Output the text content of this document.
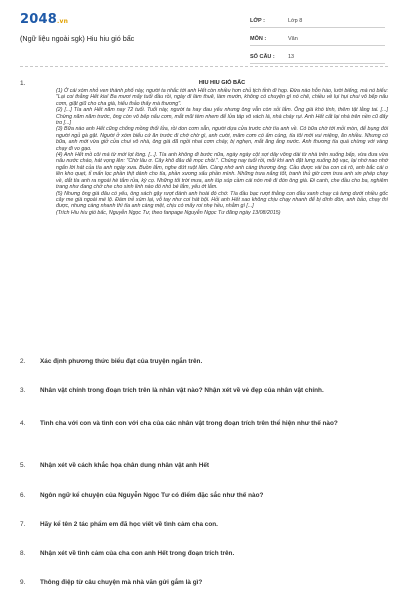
2048.vn
(Ngữ liệu ngoài sgk) Hiu hiu gió bấc
LỚP :	Lớp 8
MÔN :	Văn
SỐ CÂU :	13
1.	HIU HIU GIÓ BẤC

(1) Ở cái xóm nhỏ ven thành phố này, người ta nhắc tới anh Hết còn nhiều hơn chủ tịch tỉnh đi họp. Đừa nào hỗn hào, lười biếng, mà nó biểu: "Lại coi thằng Hết kia! Ba mươi mấy tuổi đầu rồi, ngày đi làm thuê, làm mướn, không có chuyện gì nó chê, chiều về lụi hụi chui vô bếp nấu cơm, giặt giũ cho cha già, hiếu thảo thấy mà thương".

(2) [...] Tía anh Hết năm nay 72 tuổi. Tuổi này, người ta hay đau yếu nhưng ông vẫn còn sỏi lắm. Ông già khó tính, thêm tật lằng tai. [...] Chừng năm năm trước, ông còn vô bếp nấu cơm, mắt mũi tèm nhem để lửa táp vô vách lá, nhà cháy rụi. Anh Hết cất lại nhà trên nền cũ đấy tro [...]

(3) Bữa nào anh Hết cũng chống mồng thổi lửa, rồi don cơm sẵn, người dựa cửa trước chờ tía anh về. Có bữa chờ tới mỏi mòn, để bụng đói người ngủ gà gật. Người ở xóm biểu cứ ăn trước đi chớ chờ gì, anh cười, mâm cơm có ấm cúng, tía tôi mới vui miệng, ăn nhiều. Nhưng có bữa, anh mới vừa giở cửa chui vô nhà, ông già đã ngồi nhai cơm cháy, bị nghẹn, mắt ăng ắng nước. Anh thương tía quá chừng với vàng chạy đi vo gạo.

(4) Anh Hết mồ côi má từ mới lọt lòng. [...]. Tía anh không đi bước nữa, ngày ngày cột sợi dây võng dài từ nhà trên xuống bếp, vừa đưa vừa nấu nước cháo, hát vọng lên: "Chờ lâu ơ. Cây khô đâu dễ mọc chồi.". Chúng nay tuổi rồi, mỗi khi anh đặt lưng xuống bộ vạc, lại nhớ nao nhớ ngẩn lời hát của tía anh ngày xưa. Buồn lắm, nghe đứt ruột lắm. Càng nhớ anh càng thương ông. Cầu được vài ba con cá rô, anh bắc cái o lên kho quẹt, tỉ mẩn lọc phần thịt dành cho tía, phần xương xấu phần mình. Những trưa nắng tốt, tranh thủ giờ cơm trưa anh xin phép chạy về, dắt tía anh ra ngoài hè tắm rửa, kỳ cọ. Những tối trời mưa, anh lúp xúp cầm cái nón mê đi đón ông già. Đi canh, che đầu cho ba, nghiêm trang như đang chở che cho sinh linh nào đó nhỏ bé lắm, yếu ớt lắm.

(5) Nhưng ông già đâu có yếu, ông xách gậy rượt đánh anh hoài đó chớ. Tía đầu bạc rượt thằng con đầu xanh chạy cà tưng dưới nhiều gốc cây me già ngoài mé lộ. Đám trẻ xúm lại, vỗ tay như coi hát bội. Hỏi anh Hết sao không chịu chạy nhanh để bị dính đòn, anh bảo, chạy thì được, nhưng càng nhanh thì tía anh càng mệt, chịu có mấy roi nhẹ hều, nhằm gì [...]

(Trích Hiu hiu gió bấc, Nguyễn Ngọc Tư, theo fanpage Nguyễn Ngọc Tư đăng ngày 13/08/2015)

2. Xác định phương thức biểu đạt của truyện ngắn trên.
3. Nhân vật chính trong đoạn trích trên là nhân vật nào? Nhận xét về vẻ đẹp của nhân vật chính.
4. Tình cha với con và tình con với cha của các nhân vật trong đoạn trích trên thể hiện như thế nào?
5. Nhận xét về cách khắc họa chân dung nhân vật anh Hết
6. Ngôn ngữ kể chuyện của Nguyễn Ngọc Tư có điểm đặc sắc như thế nào?
7. Hãy kể tên 2 tác phẩm em đã học viết về tình cảm cha con.
8. Nhận xét về tình cảm của cha con anh Hết trong đoạn trích trên.
9. Thông điệp từ câu chuyện mà nhà văn gửi gắm là gì?
